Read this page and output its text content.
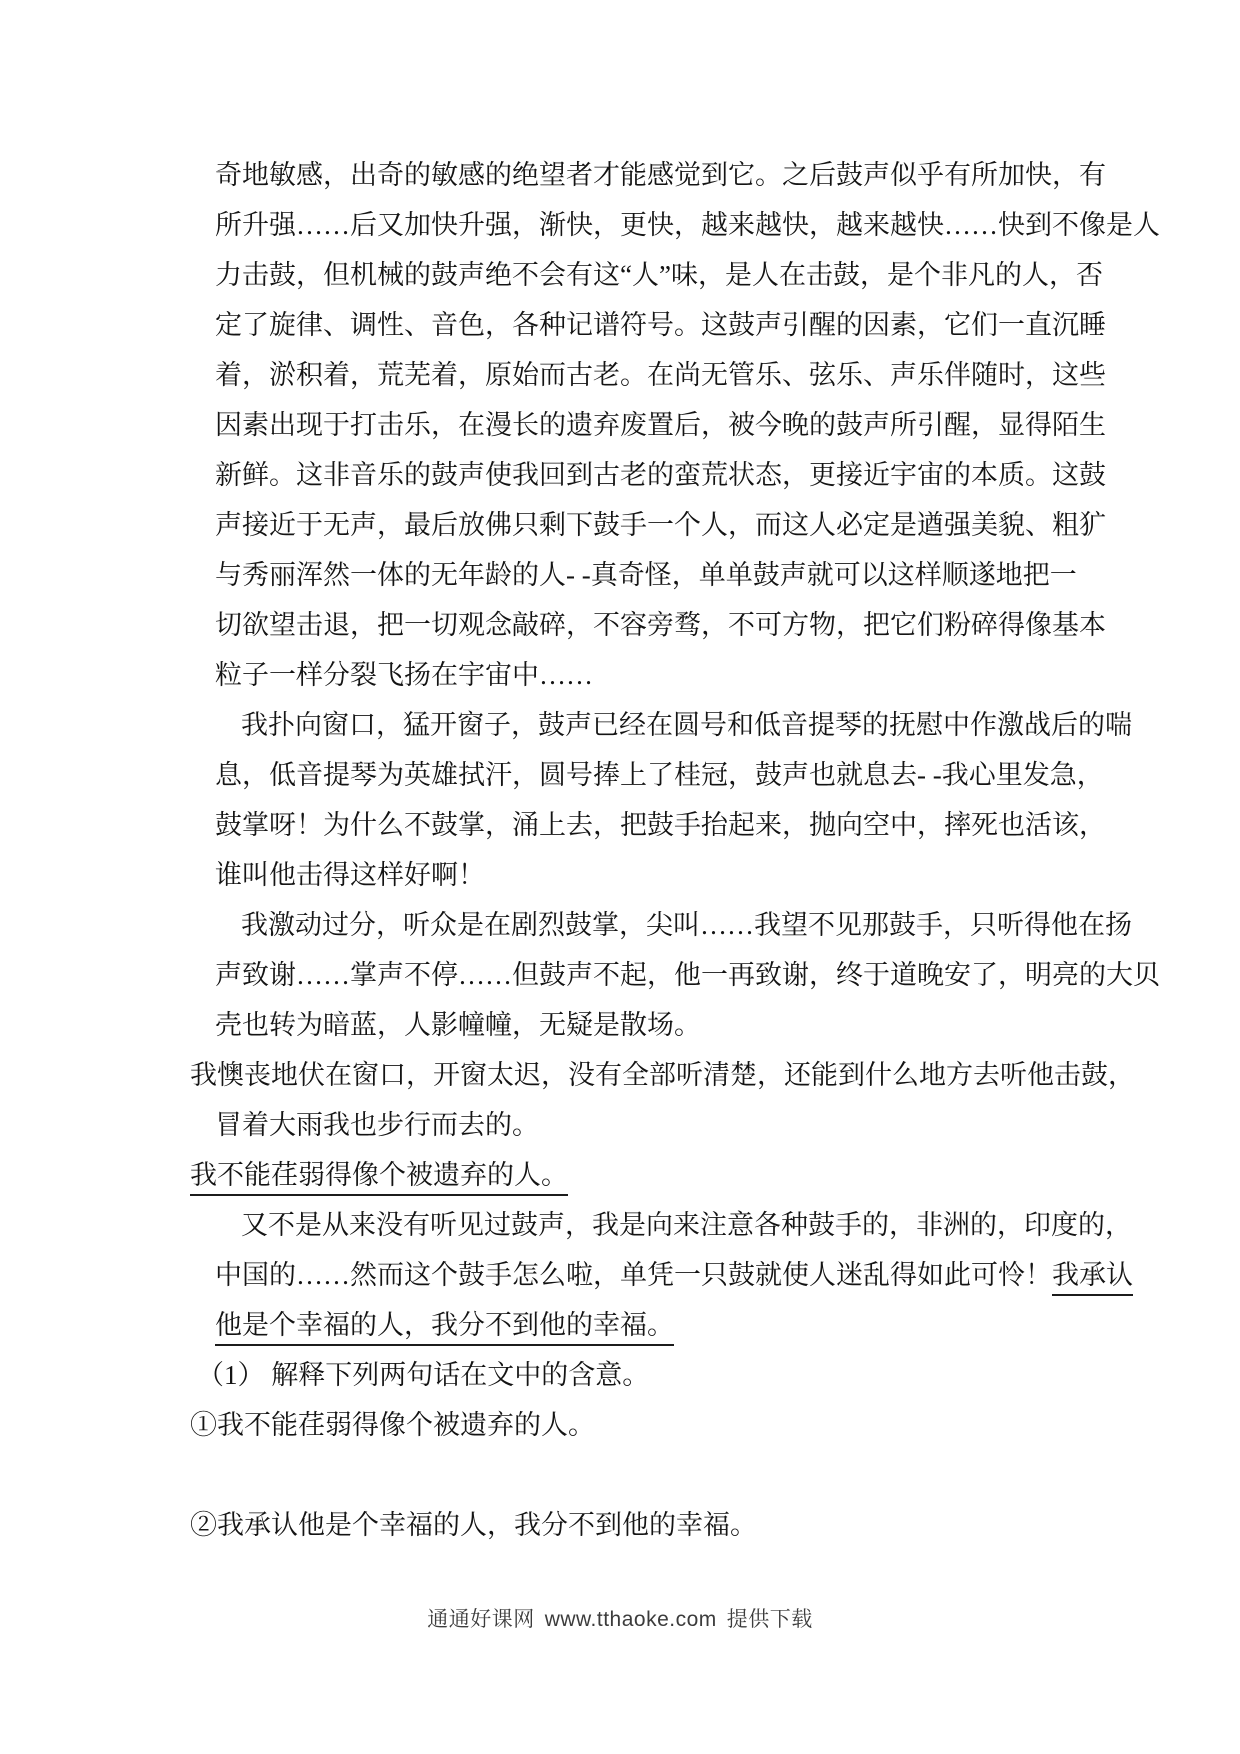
奇地敏感，出奇的敏感的绝望者才能感觉到它。之后鼓声似乎有所加快，有
所升强……后又加快升强，渐快，更快，越来越快，越来越快……快到不像是人
力击鼓，但机械的鼓声绝不会有这“人”味，是人在击鼓，是个非凡的人，否
定了旋律、调性、音色，各种记谱符号。这鼓声引醒的因素，它们一直沉睡
着，淤积着，荒芜着，原始而古老。在尚无管乐、弦乐、声乐伴随时，这些
因素出现于打击乐，在漫长的遗弃废置后，被今晚的鼓声所引醒，显得陌生
新鲜。这非音乐的鼓声使我回到古老的蛮荒状态，更接近宇宙的本质。这鼓
声接近于无声，最后放佛只剩下鼓手一个人，而这人必定是遒强美貌、粗犷
与秀丽浑然一体的无年龄的人- -真奇怪，单单鼓声就可以这样顺遂地把一
切欲望击退，把一切观念敲碎，不容旁骛，不可方物，把它们粉碎得像基本
粒子一样分裂飞扬在宇宙中……
我扑向窗口，猛开窗子，鼓声已经在圆号和低音提琴的抚慰中作激战后的喘
息，低音提琴为英雄拭汗，圆号捧上了桂冠，鼓声也就息去- -我心里发急，
鼓掌呀！为什么不鼓掌，涌上去，把鼓手抬起来，抛向空中，摔死也活该，
谁叫他击得这样好啊！
我激动过分，听众是在剧烈鼓掌，尖叫……我望不见那鼓手，只听得他在扬
声致谢……掌声不停……但鼓声不起，他一再致谢，终于道晚安了，明亮的大贝
壳也转为暗蓝，人影幢幢，无疑是散场。
我懊丧地伏在窗口，开窗太迟，没有全部听清楚，还能到什么地方去听他击鼓，
冒着大雨我也步行而去的。
我不能荏弱得像个被遗弃的人。
又不是从来没有听见过鼓声，我是向来注意各种鼓手的，非洲的，印度的，
中国的……然而这个鼓手怎么啦，单凭一只鼓就使人迷乱得如此可怜！我承认
他是个幸福的人，我分不到他的幸福。
（1） 解释下列两句话在文中的含意。
①我不能荏弱得像个被遗弃的人。
②我承认他是个幸福的人，我分不到他的幸福。
通通好课网 www.tthaoke.com 提供下载
